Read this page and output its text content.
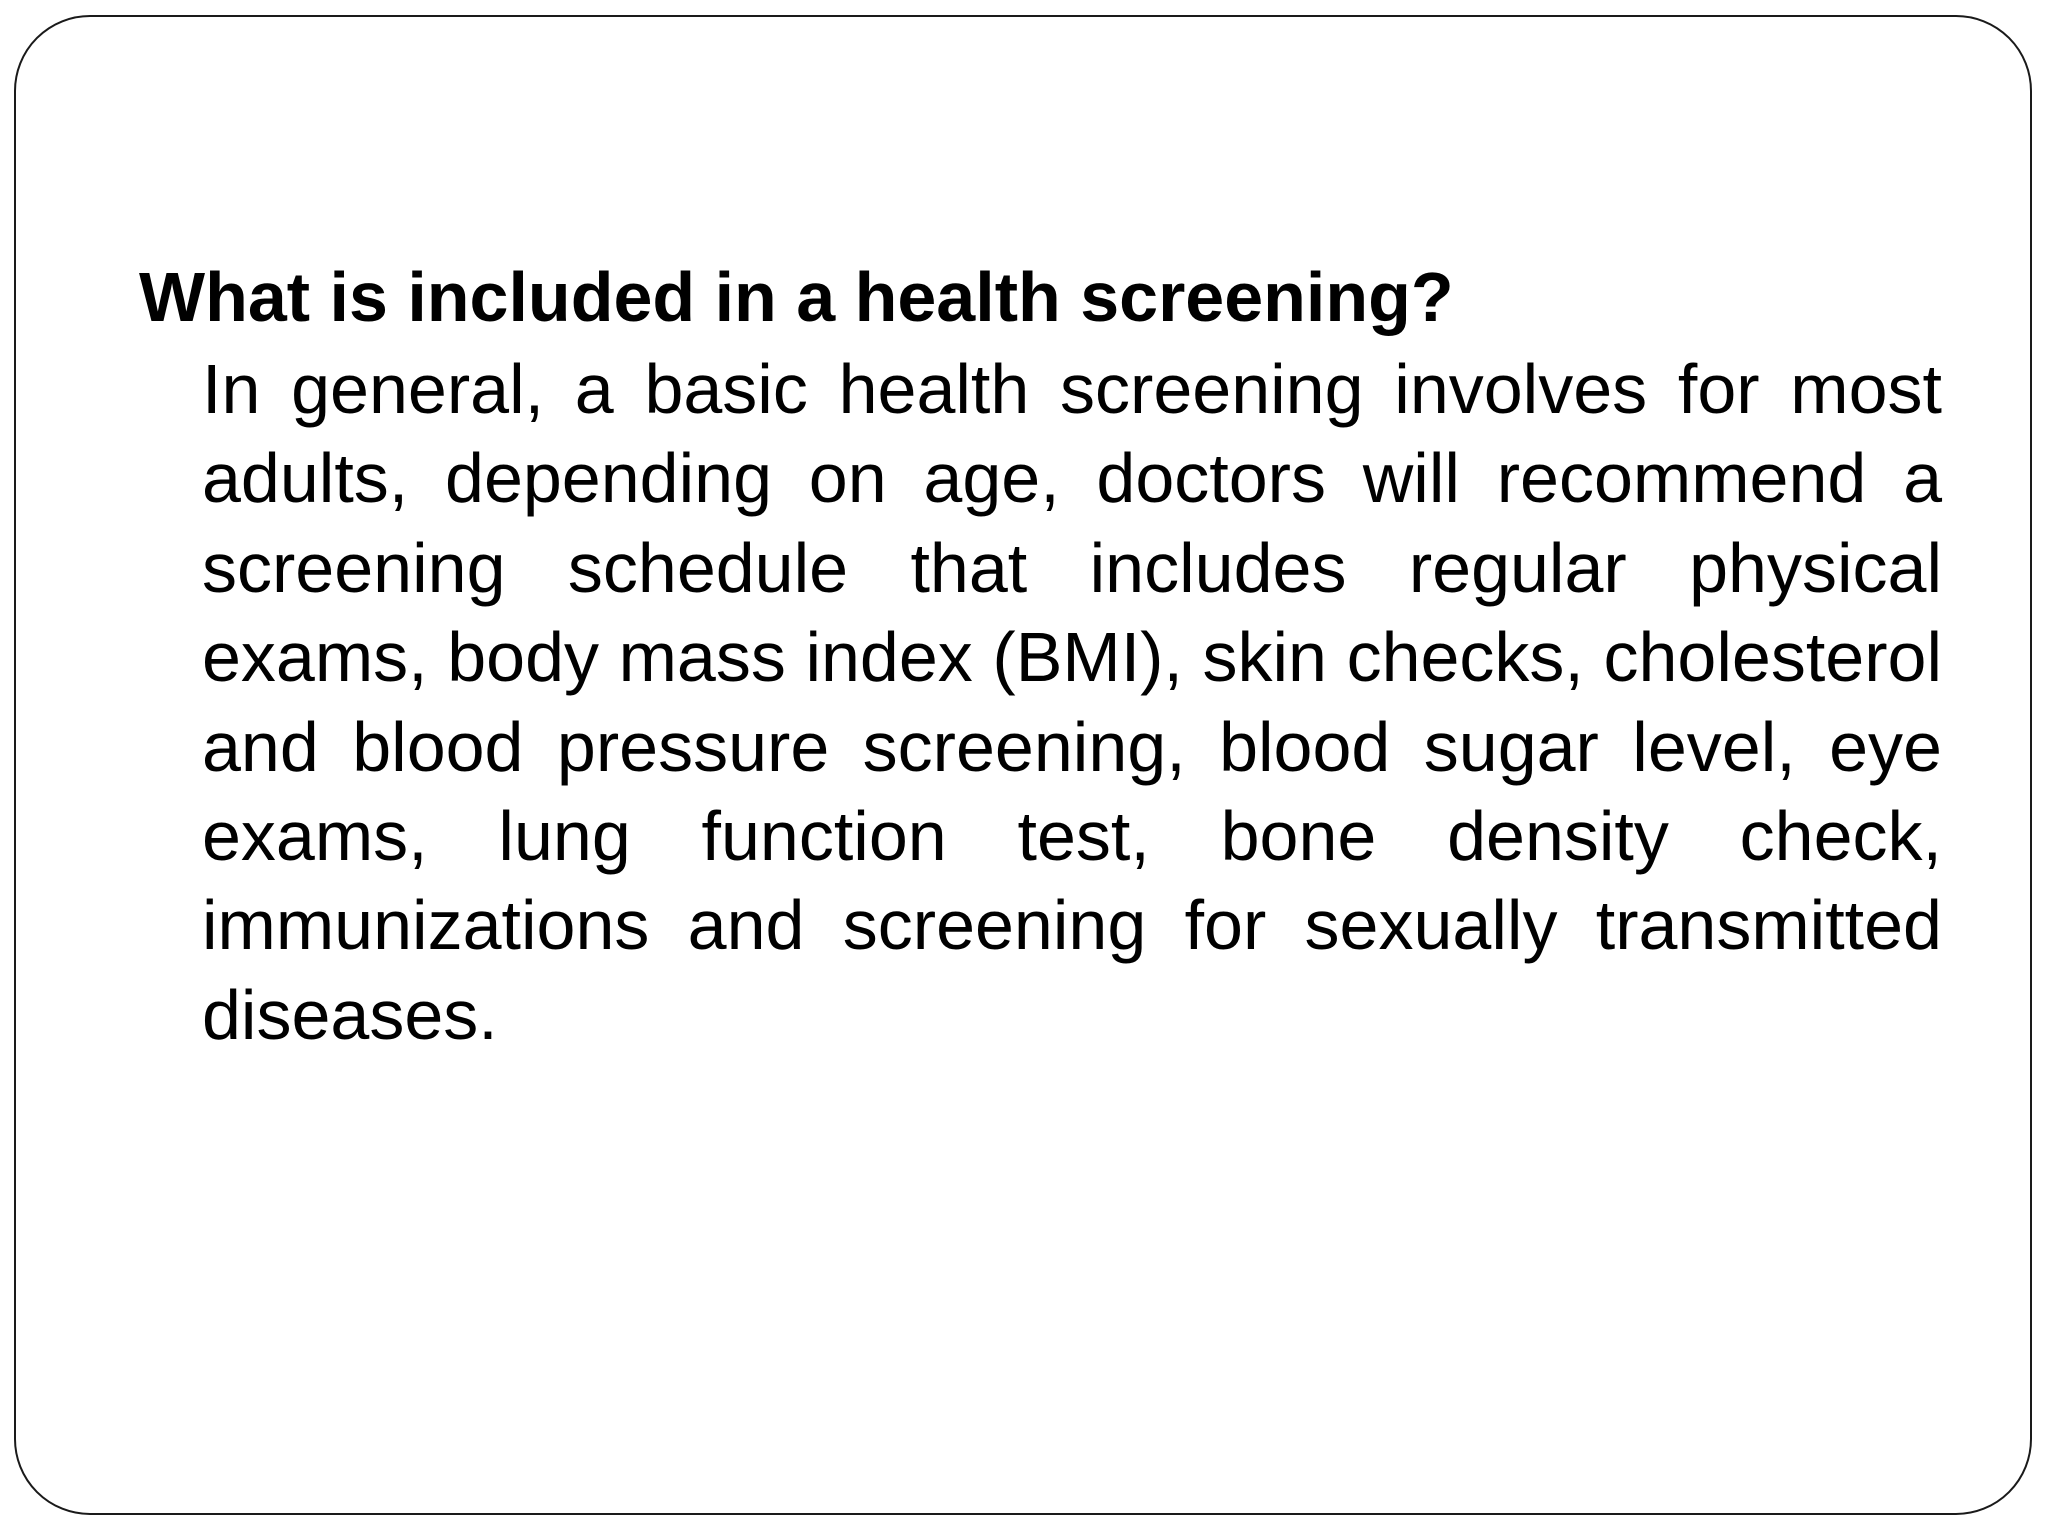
What is included in a health screening?

In general, a basic health screening involves for most adults, depending on age, doctors will recommend a screening schedule that includes regular physical exams, body mass index (BMI), skin checks, cholesterol and blood pressure screening, blood sugar level, eye exams, lung function test, bone density check, immunizations and screening for sexually transmitted diseases.
